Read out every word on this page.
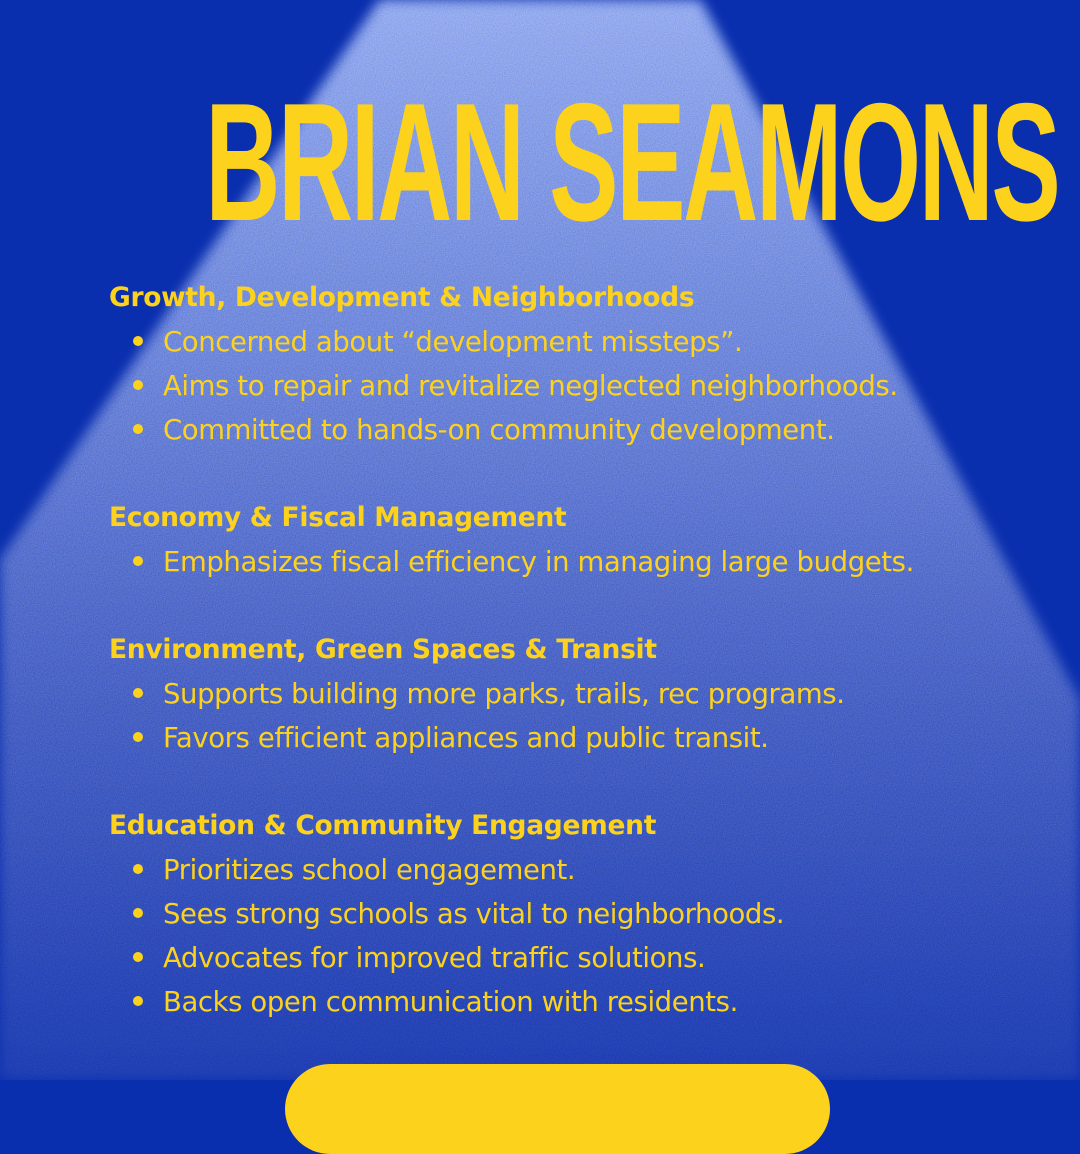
BRIAN SEAMONS
Growth, Development & Neighborhoods
Concerned about “development missteps”.
Aims to repair and revitalize neglected neighborhoods.
Committed to hands-on community development.
Economy & Fiscal Management
Emphasizes fiscal efficiency in managing large budgets.
Environment, Green Spaces & Transit
Supports building more parks, trails, rec programs.
Favors efficient appliances and public transit.
Education & Community Engagement
Prioritizes school engagement.
Sees strong schools as vital to neighborhoods.
Advocates for improved traffic solutions.
Backs open communication with residents.
